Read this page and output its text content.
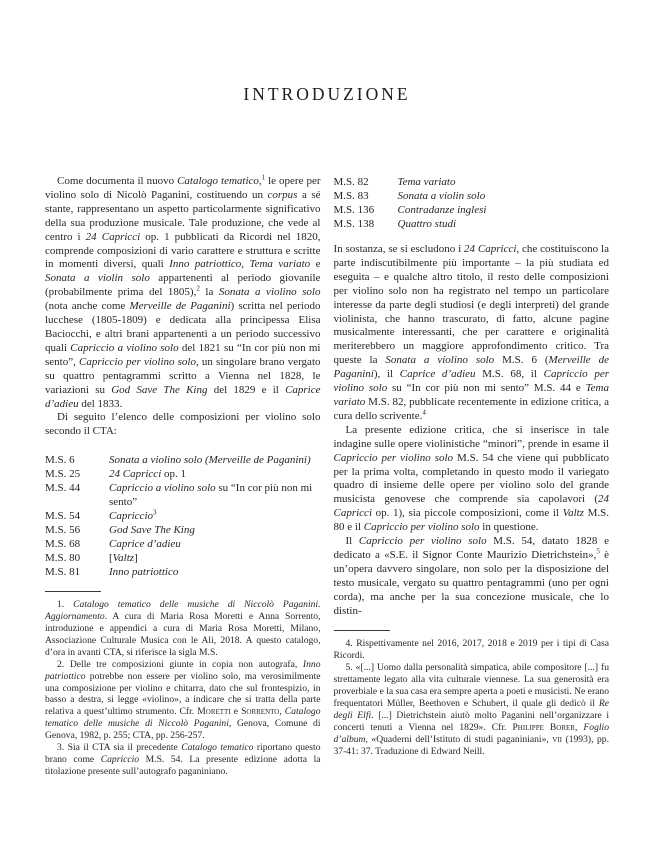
INTRODUZIONE

Come documenta il nuovo Catalogo tematico,$^1$ le opere per violino solo di Nicolò Paganini, costituendo un corpus a sé stante, rappresentano un aspetto particolarmente significativo della sua produzione musicale. Tale produzione, che vede al centro i 24 Capricci op. 1 pubblicati da Ricordi nel 1820, comprende composizioni di vario carattere e struttura e scritte in momenti diversi, quali Inno patriottico, Tema variato e Sonata a violin solo appartenenti al periodo giovanile (probabilmente prima del 1805),$^2$ la Sonata a violino solo (nota anche come Merveille de Paganini) scritta nel periodo lucchese (1805-1809) e dedicata alla principessa Elisa Baciocchi, e altri brani appartenenti a un periodo successivo quali Capriccio a violino solo del 1821 su “In cor più non mi sento”, Capriccio per violino solo, un singolare brano vergato su quattro pentagrammi scritto a Vienna nel 1828, le variazioni su God Save The King del 1829 e il Caprice d’adieu del 1833.

Di seguito l’elenco delle composizioni per violino solo secondo il CTA:

M.S. 6	Sonata a violino solo (Merveille de Paganini)
M.S. 25	24 Capricci op. 1
M.S. 44	Capriccio a violino solo su “In cor più non mi sento”
M.S. 54	Capriccio$^3$
M.S. 56	God Save The King
M.S. 68	Caprice d’adieu
M.S. 80	[Valtz]
M.S. 81	Inno patriottico

1. Catalogo tematico delle musiche di Niccolò Paganini. Aggiornamento. A cura di Maria Rosa Moretti e Anna Sorrento, introduzione e appendici a cura di Maria Rosa Moretti, Milano, Associazione Culturale Musica con le Ali, 2018. A questo catalogo, d’ora in avanti CTA, si riferisce la sigla M.S.

2. Delle tre composizioni giunte in copia non autografa, Inno patriottico potrebbe non essere per violino solo, ma verosimilmente una composizione per violino e chitarra, dato che sul frontespizio, in basso a destra, si legge «violino», a indicare che si tratta della parte relativa a quest’ultimo strumento. Cfr. Moretti e Sorrento, Catalogo tematico delle musiche di Niccolò Paganini, Genova, Comune di Genova, 1982, p. 255; CTA, pp. 256-257.

3. Sia il CTA sia il precedente Catalogo tematico riportano questo brano come Capriccio M.S. 54. La presente edizione adotta la titolazione presente sull’autografo paganiniano.

M.S. 82	Tema variato
M.S. 83	Sonata a violin solo
M.S. 136	Contradanze inglesi
M.S. 138	Quattro studi

In sostanza, se si escludono i 24 Capricci, che costituiscono la parte indiscutibilmente più importante – la più studiata ed eseguita – e qualche altro titolo, il resto delle composizioni per violino solo non ha registrato nel tempo un particolare interesse da parte degli studiosi (e degli interpreti) del grande violinista, che hanno trascurato, di fatto, alcune pagine musicalmente interessanti, che per carattere e originalità meriterebbero un maggiore approfondimento critico. Tra queste la Sonata a violino solo M.S. 6 (Merveille de Paganini), il Caprice d’adieu M.S. 68, il Capriccio per violino solo su “In cor più non mi sento” M.S. 44 e Tema variato M.S. 82, pubblicate recentemente in edizione critica, a cura dello scrivente.$^4$

La presente edizione critica, che si inserisce in tale indagine sulle opere violinistiche “minori”, prende in esame il Capriccio per violino solo M.S. 54 che viene qui pubblicato per la prima volta, completando in questo modo il variegato quadro di insieme delle opere per violino solo del grande musicista genovese che comprende sia capolavori (24 Capricci op. 1), sia piccole composizioni, come il Valtz M.S. 80 e il Capriccio per violino solo in questione.

Il Capriccio per violino solo M.S. 54, datato 1828 e dedicato a «S.E. il Signor Conte Maurizio Dietrichstein»,$^5$ è un’opera davvero singolare, non solo per la disposizione del testo musicale, vergato su quattro pentagrammi (uno per ogni corda), ma anche per la sua concezione musicale, che lo distin-

4. Rispettivamente nel 2016, 2017, 2018 e 2019 per i tipi di Casa Ricordi.

5. «[...] Uomo dalla personalità simpatica, abile compositore [...] fu strettamente legato alla vita culturale viennese. La sua generosità era proverbiale e la sua casa era sempre aperta a poeti e musicisti. Ne erano frequentatori Müller, Beethoven e Schubert, il quale gli dedicò il Re degli Elfi. [...] Dietrichstein aiutò molto Paganini nell’organizzare i concerti tenuti a Vienna nel 1829». Cfr. Philippe Borer, Foglio d’album, «Quaderni dell’Istituto di studi paganiniani», vii (1993), pp. 37-41: 37. Traduzione di Edward Neill.
